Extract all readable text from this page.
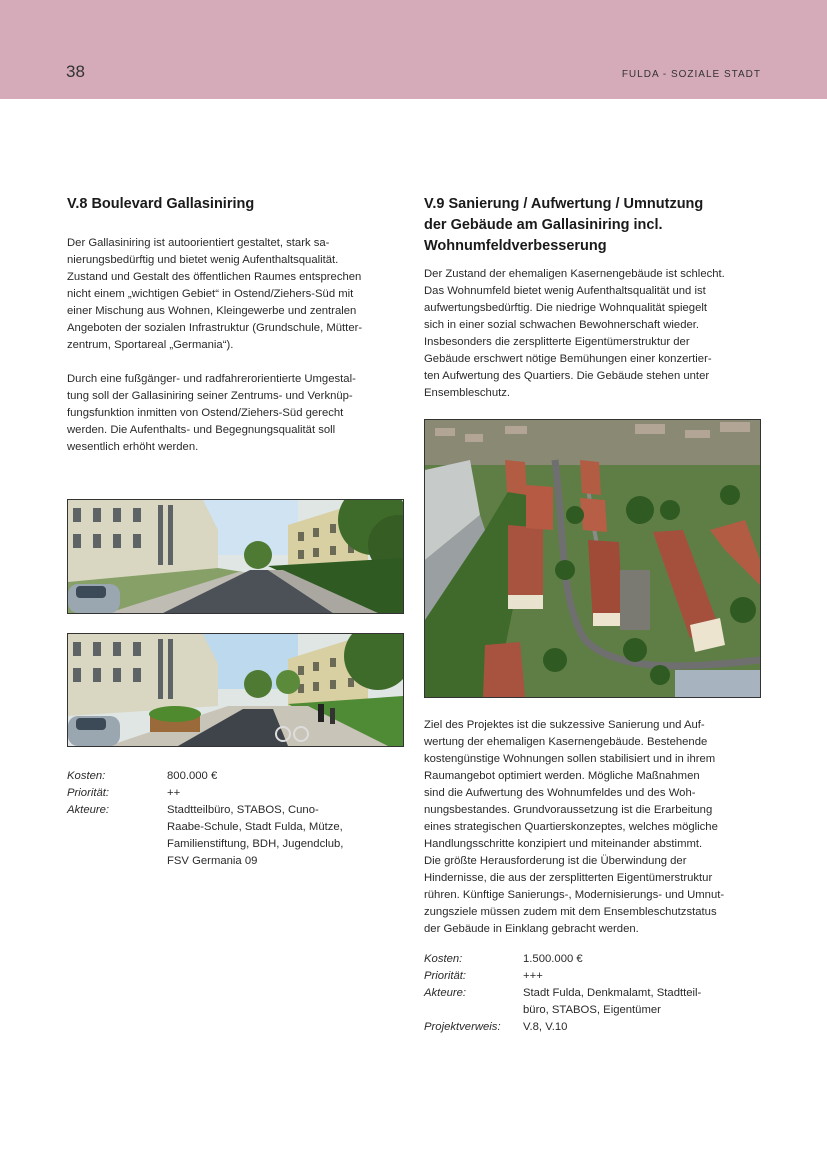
38	FULDA - SOZIALE STADT
V.8 Boulevard Gallasiniring

Der Gallasiniring ist autoorientiert gestaltet, stark sa-
nierungsbedürftig und bietet wenig Aufenthaltsqualität.
Zustand und Gestalt des öffentlichen Raumes entsprechen
nicht einem „wichtigen Gebiet“ in Ostend/Ziehers-Süd mit
einer Mischung aus Wohnen, Kleingewerbe und zentralen
Angeboten der sozialen Infrastruktur (Grundschule, Mütter-
zentrum, Sportareal „Germania“).

Durch eine fußgänger- und radfahrerorientierte Umgestal-
tung soll der Gallasiniring seiner Zentrums- und Verknüp-
fungsfunktion inmitten von Ostend/Ziehers-Süd gerecht
werden. Die Aufenthalts- und Begegnungsqualität soll
wesentlich erhöht werden.

Kosten:	800.000 €
Priorität:	++
Akteure:	Stadtteilbüro, STABOS, Cuno-
Raabe-Schule, Stadt Fulda, Mütze,
Familienstiftung, BDH, Jugendclub,
FSV Germania 09
V.9 Sanierung / Aufwertung / Umnutzung
der Gebäude am Gallasiniring incl.
Wohnumfeldverbesserung

Der Zustand der ehemaligen Kasernengebäude ist schlecht.
Das Wohnumfeld bietet wenig Aufenthaltsqualität und ist
aufwertungsbedürftig. Die niedrige Wohnqualität spiegelt
sich in einer sozial schwachen Bewohnerschaft wieder.
Insbesonders die zersplitterte Eigentümerstruktur der
Gebäude erschwert nötige Bemühungen einer konzertier-
ten Aufwertung des Quartiers. Die Gebäude stehen unter
Ensembleschutz.

Ziel des Projektes ist die sukzessive Sanierung und Auf-
wertung der ehemaligen Kasernengebäude. Bestehende
kostengünstige Wohnungen sollen stabilisiert und in ihrem
Raumangebot optimiert werden. Mögliche Maßnahmen
sind die Aufwertung des Wohnumfeldes und des Woh-
nungsbestandes. Grundvoraussetzung ist die Erarbeitung
eines strategischen Quartierskonzeptes, welches mögliche
Handlungsschritte konzipiert und miteinander abstimmt.
Die größte Herausforderung ist die Überwindung der
Hindernisse, die aus der zersplitterten Eigentümerstruktur
rühren. Künftige Sanierungs-, Modernisierungs- und Umnut-
zungsziele müssen zudem mit dem Ensembleschutzstatus
der Gebäude in Einklang gebracht werden.

Kosten:	1.500.000 €
Priorität:	+++
Akteure:	Stadt Fulda, Denkmalamt, Stadtteil-
büro, STABOS, Eigentümer
Projektverweis:	V.8, V.10
